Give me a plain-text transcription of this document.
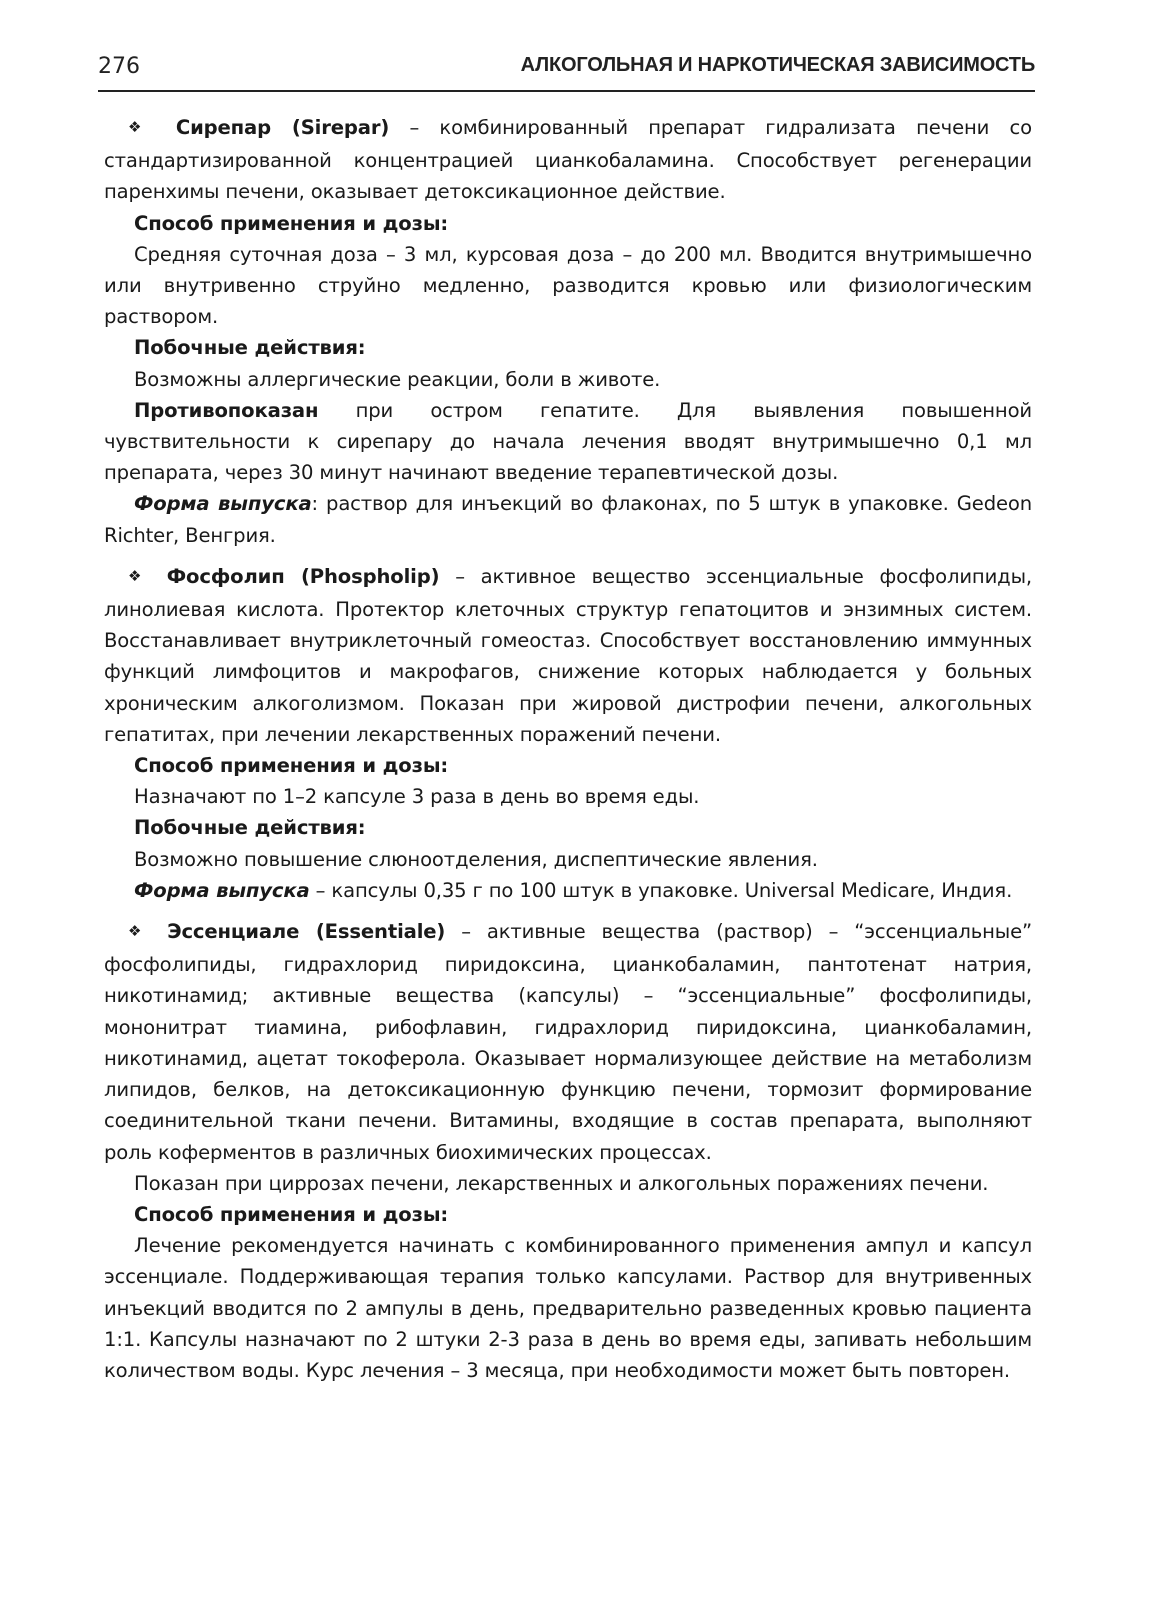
276	АЛКОГОЛЬНАЯ И НАРКОТИЧЕСКАЯ ЗАВИСИМОСТЬ

❖ Сирепар (Sirepar) – комбинированный препарат гидрализата печени со стандартизированной концентрацией цианкобаламина. Способствует регенерации паренхимы печени, оказывает детоксикационное действие.

Способ применения и дозы:

Средняя суточная доза – 3 мл, курсовая доза – до 200 мл. Вводится внутримышечно или внутривенно струйно медленно, разводится кровью или физиологическим раствором.

Побочные действия:

Возможны аллергические реакции, боли в животе.

Противопоказан при остром гепатите. Для выявления повышенной чувствительности к сирепару до начала лечения вводят внутримышечно 0,1 мл препарата, через 30 минут начинают введение терапевтической дозы.

Форма выпуска: раствор для инъекций во флаконах, по 5 штук в упаковке. Gedeon Richter, Венгрия.

❖ Фосфолип (Phospholip) – активное вещество эссенциальные фосфолипиды, линолиевая кислота. Протектор клеточных структур гепатоцитов и энзимных систем. Восстанавливает внутриклеточный гомеостаз. Способствует восстановлению иммунных функций лимфоцитов и макрофагов, снижение которых наблюдается у больных хроническим алкоголизмом. Показан при жировой дистрофии печени, алкогольных гепатитах, при лечении лекарственных поражений печени.

Способ применения и дозы:

Назначают по 1–2 капсуле 3 раза в день во время еды.

Побочные действия:

Возможно повышение слюноотделения, диспептические явления.

Форма выпуска – капсулы 0,35 г по 100 штук в упаковке. Universal Medicare, Индия.

❖ Эссенциале (Essentiale) – активные вещества (раствор) – “эссенциальные” фосфолипиды, гидрахлорид пиридоксина, цианкобаламин, пантотенат натрия, никотинамид; активные вещества (капсулы) – “эссенциальные” фосфолипиды, мононитрат тиамина, рибофлавин, гидрахлорид пиридоксина, цианкобаламин, никотинамид, ацетат токоферола. Оказывает нормализующее действие на метаболизм липидов, белков, на детоксикационную функцию печени, тормозит формирование соединительной ткани печени. Витамины, входящие в состав препарата, выполняют роль коферментов в различных биохимических процессах.

Показан при циррозах печени, лекарственных и алкогольных поражениях печени.

Способ применения и дозы:

Лечение рекомендуется начинать с комбинированного применения ампул и капсул эссенциале. Поддерживающая терапия только капсулами. Раствор для внутривенных инъекций вводится по 2 ампулы в день, предварительно разведенных кровью пациента 1:1. Капсулы назначают по 2 штуки 2-3 раза в день во время еды, запивать небольшим количеством воды. Курс лечения – 3 месяца, при необходимости может быть повторен.
